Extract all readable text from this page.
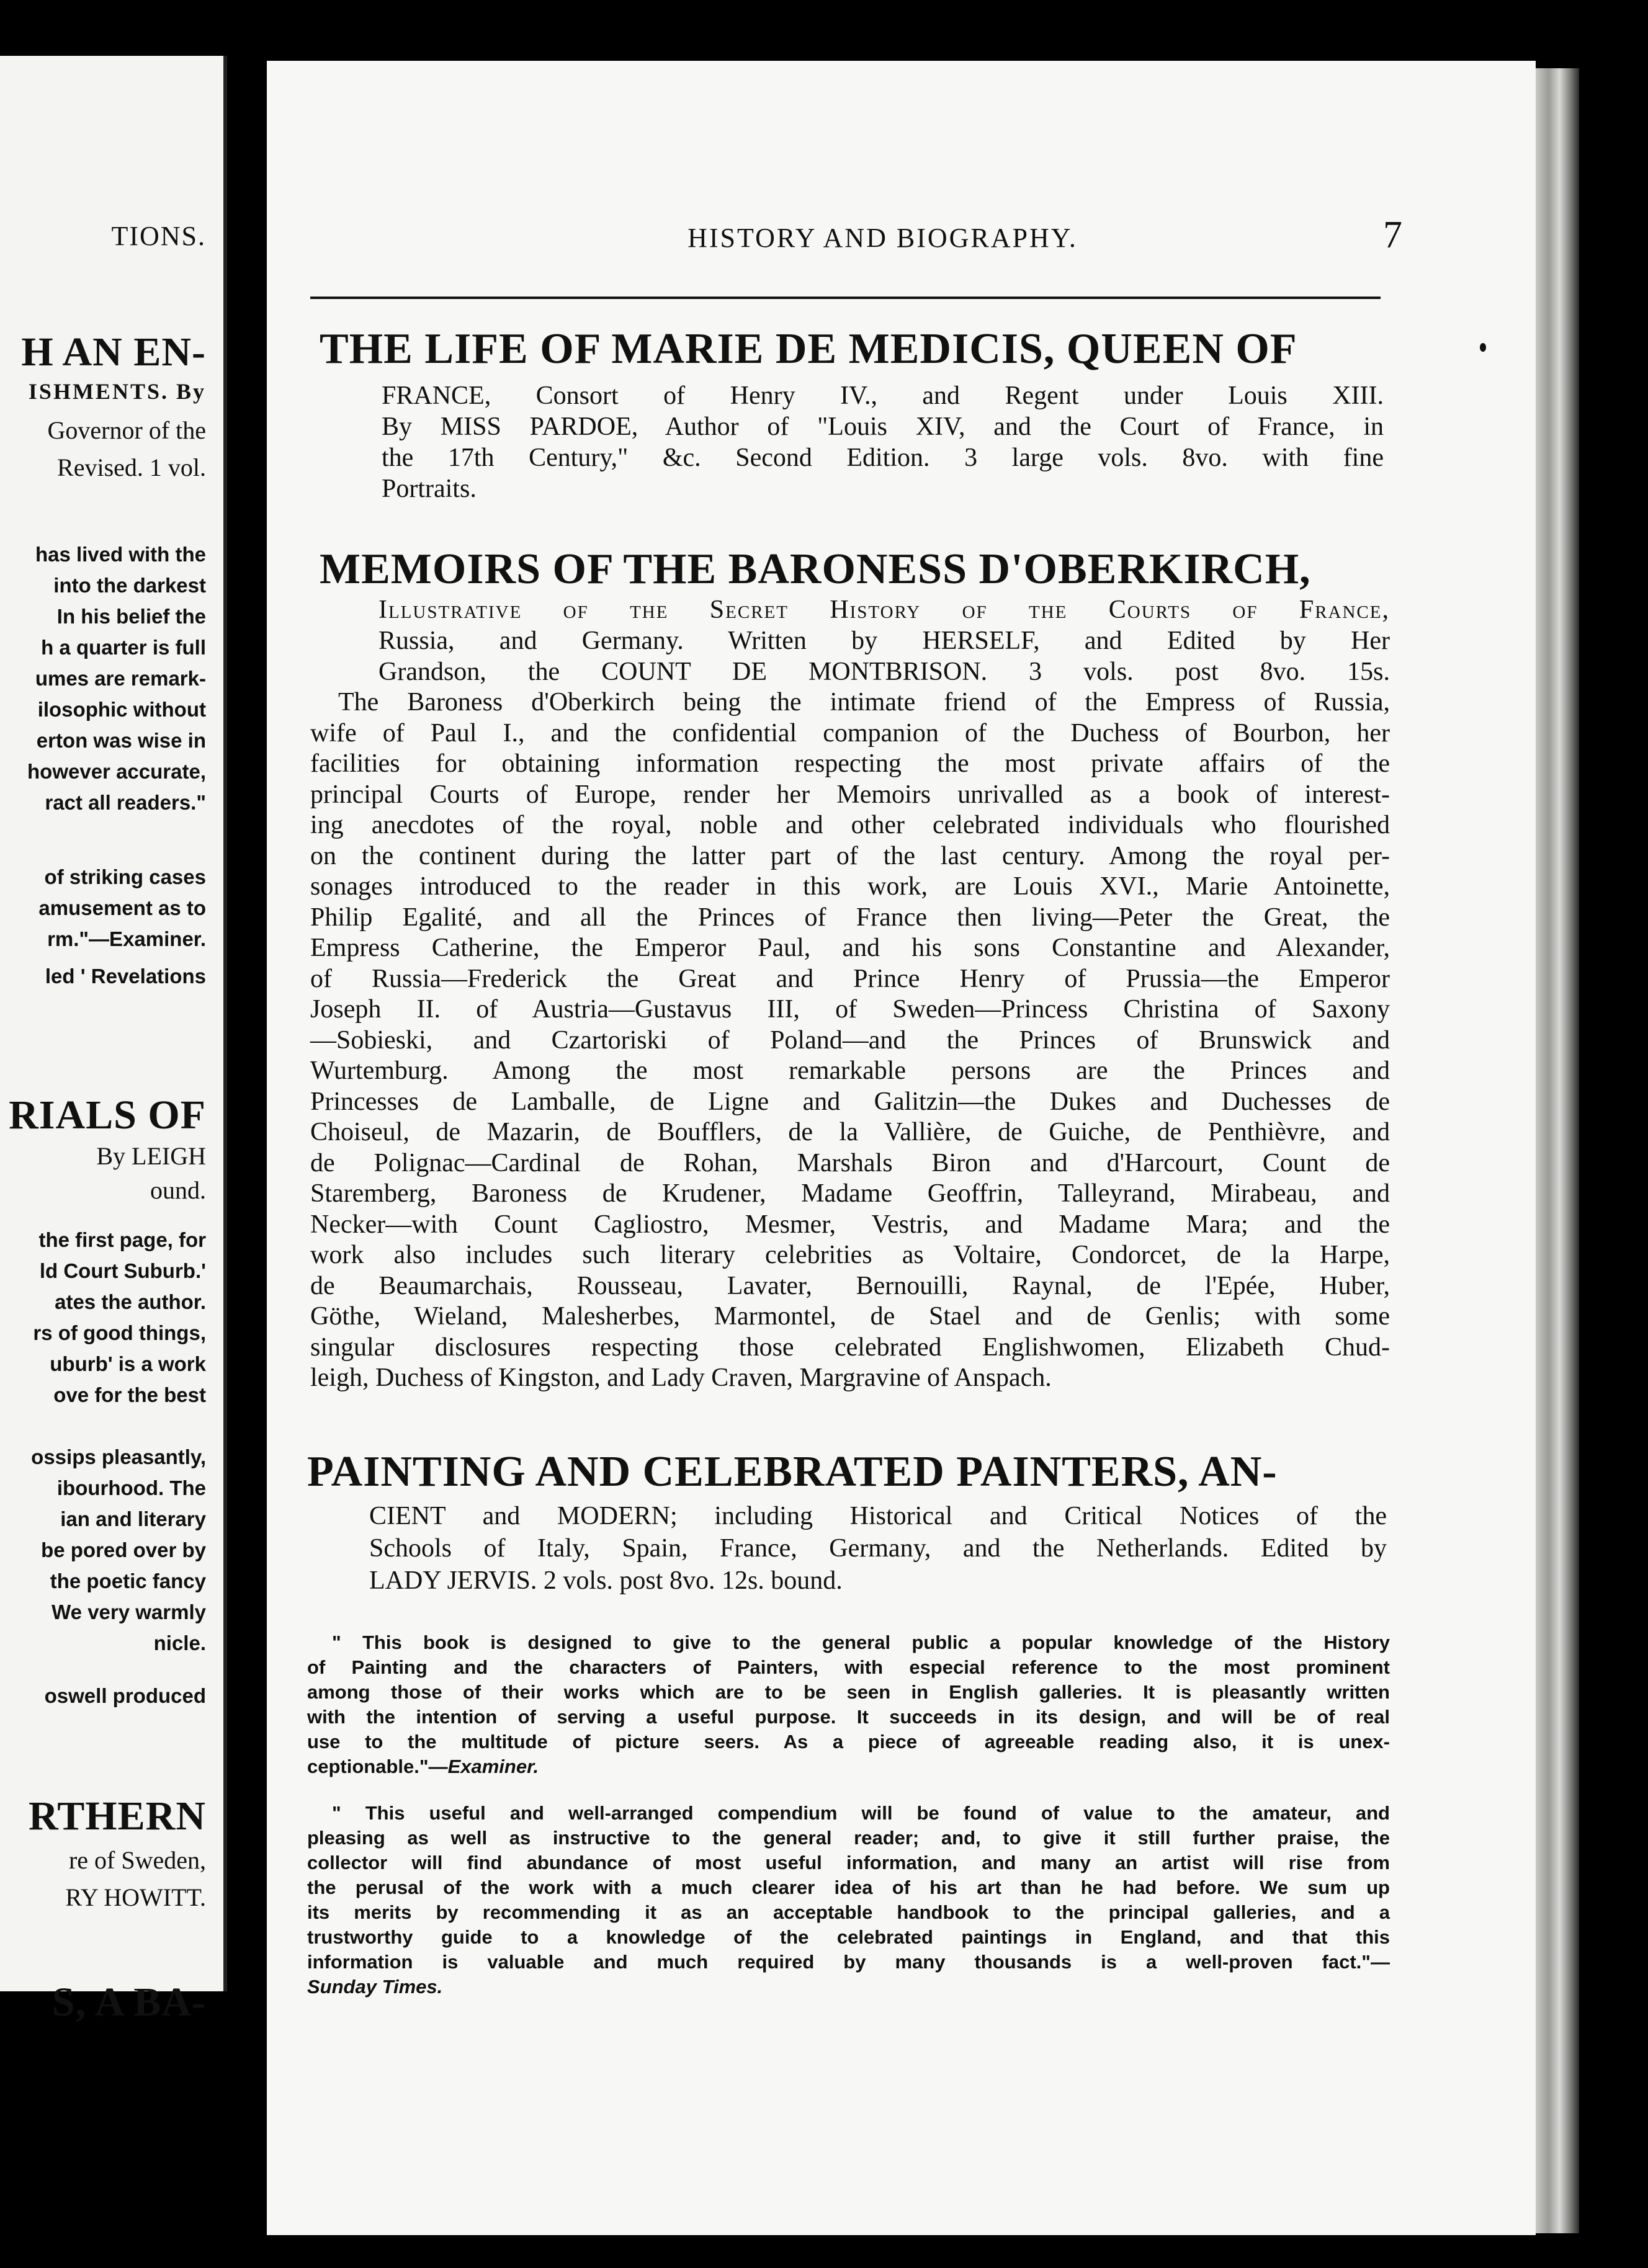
TIONS.
H AN EN-
ISHMENTS. By
Governor of the
Revised. 1 vol.
has lived with the
into the darkest
In his belief the
h a quarter is full
umes are remark-
ilosophic without
erton was wise in
however accurate,
ract all readers."
of striking cases
amusement as to
rm."—Examiner.
led ' Revelations
RIALS OF
By LEIGH
ound.
the first page, for
ld Court Suburb.'
ates the author.
rs of good things,
uburb' is a work
ove for the best
ossips pleasantly,
ibourhood. The
ian and literary
be pored over by
the poetic fancy
We very warmly
nicle.
oswell produced
RTHERN
re of Sweden,
RY HOWITT.
S, A BA-
HISTORY AND BIOGRAPHY.	7
THE LIFE OF MARIE DE MEDICIS, QUEEN OF
FRANCE, Consort of Henry IV., and Regent under Louis XIII.
By MISS PARDOE, Author of "Louis XIV, and the Court of France, in
the 17th Century," &c. Second Edition. 3 large vols. 8vo. with fine
Portraits.
MEMOIRS OF THE BARONESS D'OBERKIRCH,
Illustrative of the Secret History of the Courts of France,
Russia, and Germany. Written by HERSELF, and Edited by Her
Grandson, the COUNT DE MONTBRISON. 3 vols. post 8vo. 15s.
The Baroness d'Oberkirch being the intimate friend of the Empress of Russia,
wife of Paul I., and the confidential companion of the Duchess of Bourbon, her
facilities for obtaining information respecting the most private affairs of the
principal Courts of Europe, render her Memoirs unrivalled as a book of interest-
ing anecdotes of the royal, noble and other celebrated individuals who flourished
on the continent during the latter part of the last century. Among the royal per-
sonages introduced to the reader in this work, are Louis XVI., Marie Antoinette,
Philip Egalité, and all the Princes of France then living—Peter the Great, the
Empress Catherine, the Emperor Paul, and his sons Constantine and Alexander,
of Russia—Frederick the Great and Prince Henry of Prussia—the Emperor
Joseph II. of Austria—Gustavus III, of Sweden—Princess Christina of Saxony
—Sobieski, and Czartoriski of Poland—and the Princes of Brunswick and
Wurtemburg. Among the most remarkable persons are the Princes and
Princesses de Lamballe, de Ligne and Galitzin—the Dukes and Duchesses de
Choiseul, de Mazarin, de Boufflers, de la Vallière, de Guiche, de Penthièvre, and
de Polignac—Cardinal de Rohan, Marshals Biron and d'Harcourt, Count de
Staremberg, Baroness de Krudener, Madame Geoffrin, Talleyrand, Mirabeau, and
Necker—with Count Cagliostro, Mesmer, Vestris, and Madame Mara; and the
work also includes such literary celebrities as Voltaire, Condorcet, de la Harpe,
de Beaumarchais, Rousseau, Lavater, Bernouilli, Raynal, de l'Epée, Huber,
Göthe, Wieland, Malesherbes, Marmontel, de Stael and de Genlis; with some
singular disclosures respecting those celebrated Englishwomen, Elizabeth Chud-
leigh, Duchess of Kingston, and Lady Craven, Margravine of Anspach.
PAINTING AND CELEBRATED PAINTERS, AN-
CIENT and MODERN; including Historical and Critical Notices of the
Schools of Italy, Spain, France, Germany, and the Netherlands. Edited by
LADY JERVIS. 2 vols. post 8vo. 12s. bound.
" This book is designed to give to the general public a popular knowledge of the History
of Painting and the characters of Painters, with especial reference to the most prominent
among those of their works which are to be seen in English galleries. It is pleasantly written
with the intention of serving a useful purpose. It succeeds in its design, and will be of real
use to the multitude of picture seers. As a piece of agreeable reading also, it is unex-
ceptionable."—Examiner.
" This useful and well-arranged compendium will be found of value to the amateur, and
pleasing as well as instructive to the general reader; and, to give it still further praise, the
collector will find abundance of most useful information, and many an artist will rise from
the perusal of the work with a much clearer idea of his art than he had before. We sum up
its merits by recommending it as an acceptable handbook to the principal galleries, and a
trustworthy guide to a knowledge of the celebrated paintings in England, and that this
information is valuable and much required by many thousands is a well-proven fact."—
Sunday Times.
